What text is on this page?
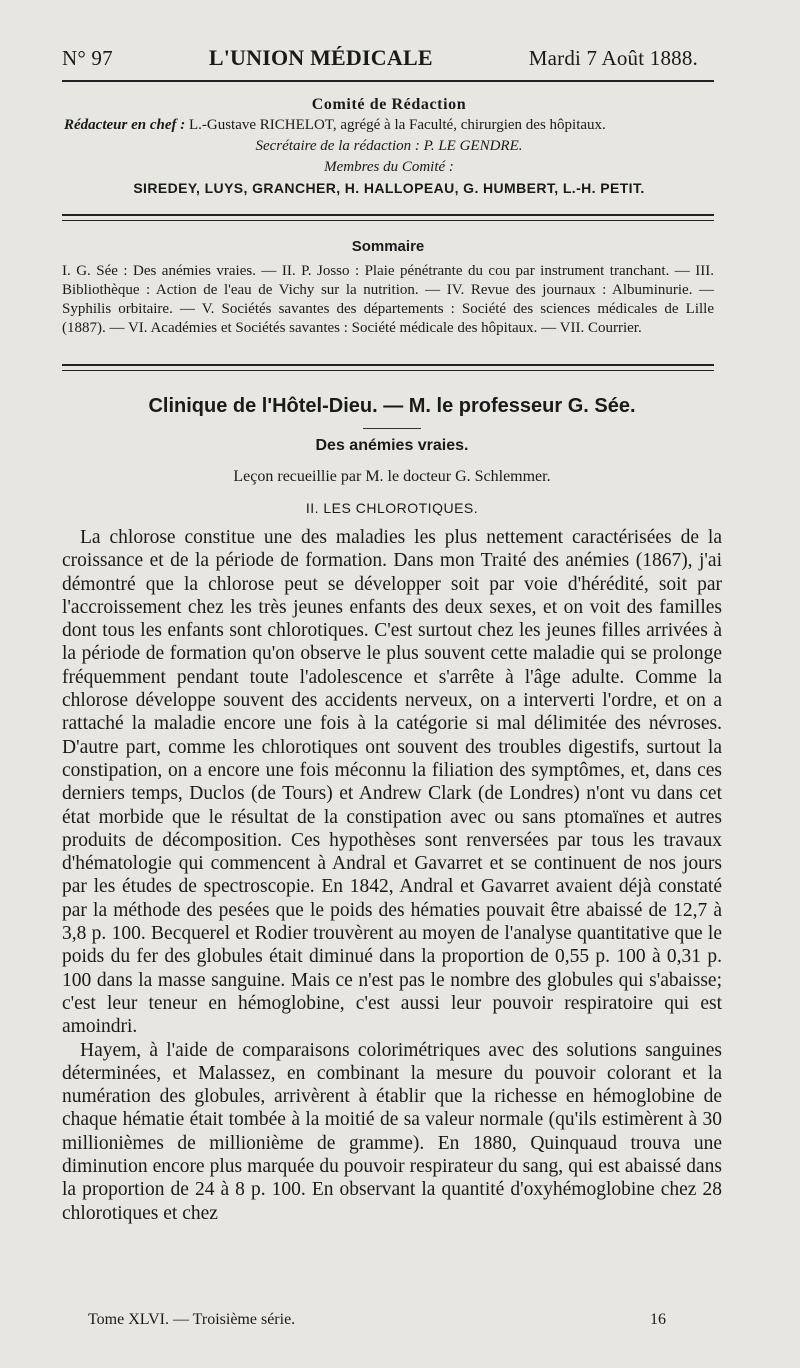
N° 97	L'UNION MÉDICALE	Mardi 7 Août 1888.
Comité de Rédaction
Rédacteur en chef : L.-Gustave RICHELOT, agrégé à la Faculté, chirurgien des hôpitaux.
Secrétaire de la rédaction : P. LE GENDRE.
Membres du Comité :
SIREDEY, LUYS, GRANCHER, H. HALLOPEAU, G. HUMBERT, L.-H. PETIT.
Sommaire
I. G. Sée : Des anémies vraies. — II. P. Josso : Plaie pénétrante du cou par instrument tranchant. — III. Bibliothèque : Action de l'eau de Vichy sur la nutrition. — IV. Revue des journaux : Albuminurie. — Syphilis orbitaire. — V. Sociétés savantes des départements : Société des sciences médicales de Lille (1887). — VI. Académies et Sociétés savantes : Société médicale des hôpitaux. — VII. Courrier.
Clinique de l'Hôtel-Dieu. — M. le professeur G. Sée.
Des anémies vraies.
Leçon recueillie par M. le docteur G. Schlemmer.
II. LES CHLOROTIQUES.

La chlorose constitue une des maladies les plus nettement caractérisées de la croissance et de la période de formation. Dans mon Traité des anémies (1867), j'ai démontré que la chlorose peut se développer soit par voie d'hérédité, soit par l'accroissement chez les très jeunes enfants des deux sexes, et on voit des familles dont tous les enfants sont chlorotiques. C'est surtout chez les jeunes filles arrivées à la période de formation qu'on observe le plus souvent cette maladie qui se prolonge fréquemment pendant toute l'adolescence et s'arrête à l'âge adulte. Comme la chlorose développe souvent des accidents nerveux, on a interverti l'ordre, et on a rattaché la maladie encore une fois à la catégorie si mal délimitée des névroses. D'autre part, comme les chlorotiques ont souvent des troubles digestifs, surtout la constipation, on a encore une fois méconnu la filiation des symptômes, et, dans ces derniers temps, Duclos (de Tours) et Andrew Clark (de Londres) n'ont vu dans cet état morbide que le résultat de la constipation avec ou sans ptomaïnes et autres produits de décomposition. Ces hypothèses sont renversées par tous les travaux d'hématologie qui commencent à Andral et Gavarret et se continuent de nos jours par les études de spectroscopie. En 1842, Andral et Gavarret avaient déjà constaté par la méthode des pesées que le poids des hématies pouvait être abaissé de 12,7 à 3,8 p. 100. Becquerel et Rodier trouvèrent au moyen de l'analyse quantitative que le poids du fer des globules était diminué dans la proportion de 0,55 p. 100 à 0,31 p. 100 dans la masse sanguine. Mais ce n'est pas le nombre des globules qui s'abaisse; c'est leur teneur en hémoglobine, c'est aussi leur pouvoir respiratoire qui est amoindri.

Hayem, à l'aide de comparaisons colorimétriques avec des solutions sanguines déterminées, et Malassez, en combinant la mesure du pouvoir colorant et la numération des globules, arrivèrent à établir que la richesse en hémoglobine de chaque hématie était tombée à la moitié de sa valeur normale (qu'ils estimèrent à 30 millionièmes de millionième de gramme). En 1880, Quinquaud trouva une diminution encore plus marquée du pouvoir respirateur du sang, qui est abaissé dans la proportion de 24 à 8 p. 100. En observant la quantité d'oxyhémoglobine chez 28 chlorotiques et chez

Tome XLVI. — Troisième série.	16
